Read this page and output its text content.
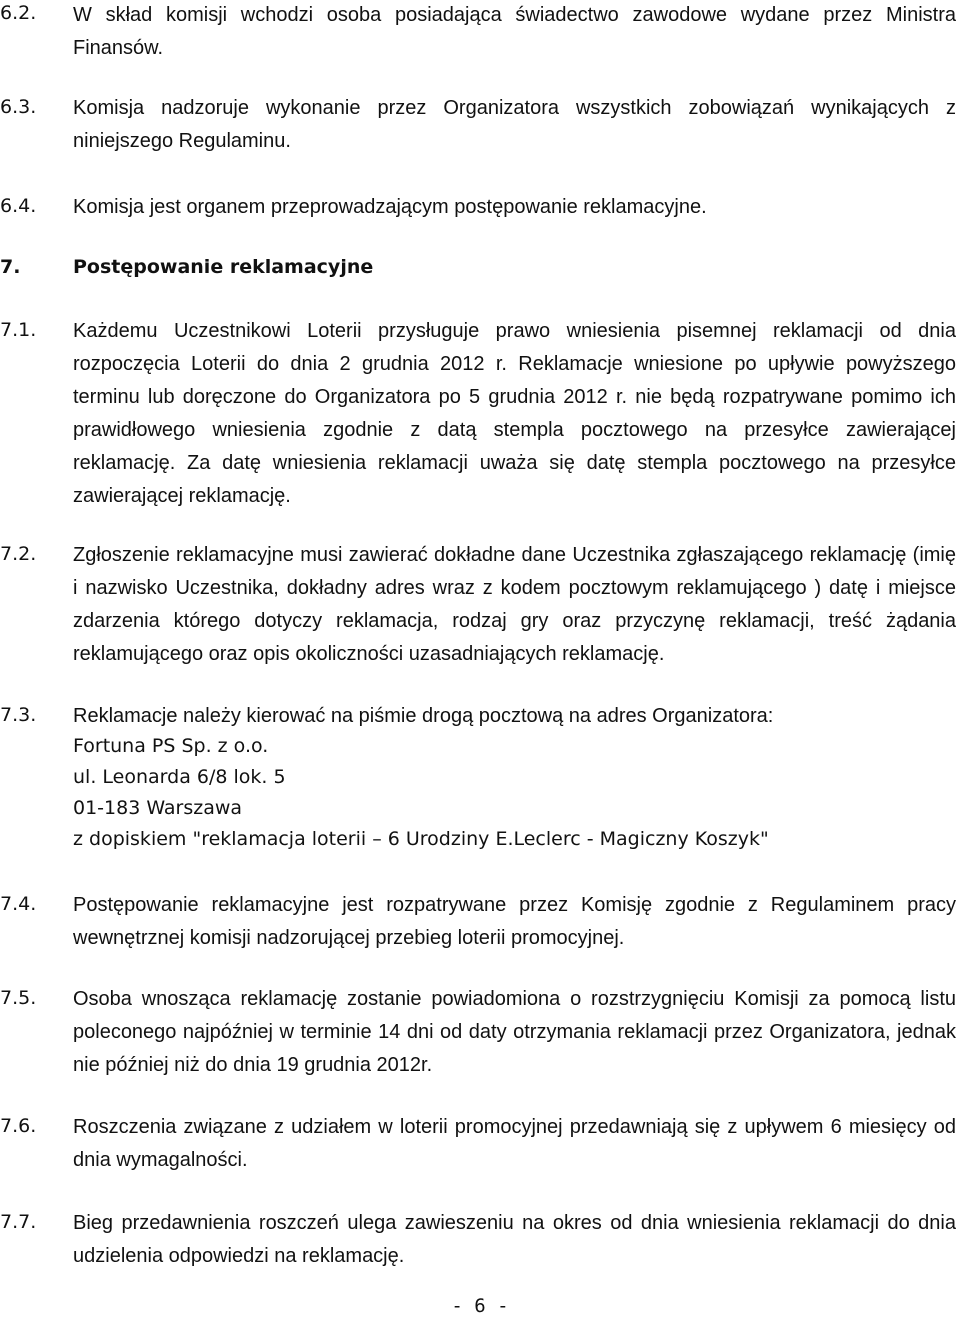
6.2. W skład komisji wchodzi osoba posiadająca świadectwo zawodowe wydane przez Ministra Finansów.

6.3. Komisja nadzoruje wykonanie przez Organizatora wszystkich zobowiązań wynikających z niniejszego Regulaminu.

6.4. Komisja jest organem przeprowadzającym postępowanie reklamacyjne.

7.	Postępowanie reklamacyjne
7.1. Każdemu Uczestnikowi Loterii przysługuje prawo wniesienia pisemnej reklamacji od dnia rozpoczęcia Loterii do dnia 2 grudnia 2012 r. Reklamacje wniesione po upływie powyższego terminu lub doręczone do Organizatora po 5 grudnia 2012 r. nie będą rozpatrywane pomimo ich prawidłowego wniesienia zgodnie z datą stempla pocztowego na przesyłce zawierającej reklamację. Za datę wniesienia reklamacji uważa się datę stempla pocztowego na przesyłce zawierającej reklamację.

7.2. Zgłoszenie reklamacyjne musi zawierać dokładne dane Uczestnika zgłaszającego reklamację (imię i nazwisko Uczestnika, dokładny adres wraz z kodem pocztowym reklamującego ) datę i miejsce zdarzenia którego dotyczy reklamacja, rodzaj gry oraz przyczynę reklamacji, treść żądania reklamującego oraz opis okoliczności uzasadniających reklamację.

7.3. Reklamacje należy kierować na piśmie drogą pocztową na adres Organizatora:

Fortuna PS Sp. z o.o.
ul. Leonarda 6/8 lok. 5
01-183 Warszawa
z dopiskiem "reklamacja loterii – 6 Urodziny E.Leclerc - Magiczny Koszyk"
7.4. Postępowanie reklamacyjne jest rozpatrywane przez Komisję zgodnie z Regulaminem pracy wewnętrznej komisji nadzorującej przebieg loterii promocyjnej.

7.5. Osoba wnosząca reklamację zostanie powiadomiona o rozstrzygnięciu Komisji za pomocą listu poleconego najpóźniej w terminie 14 dni od daty otrzymania reklamacji przez Organizatora, jednak nie później niż do dnia 19 grudnia 2012r.

7.6. Roszczenia związane z udziałem w loterii promocyjnej przedawniają się z upływem 6 miesięcy od dnia wymagalności.

7.7. Bieg przedawnienia roszczeń ulega zawieszeniu na okres od dnia wniesienia reklamacji do dnia udzielenia odpowiedzi na reklamację.

- 6 -
